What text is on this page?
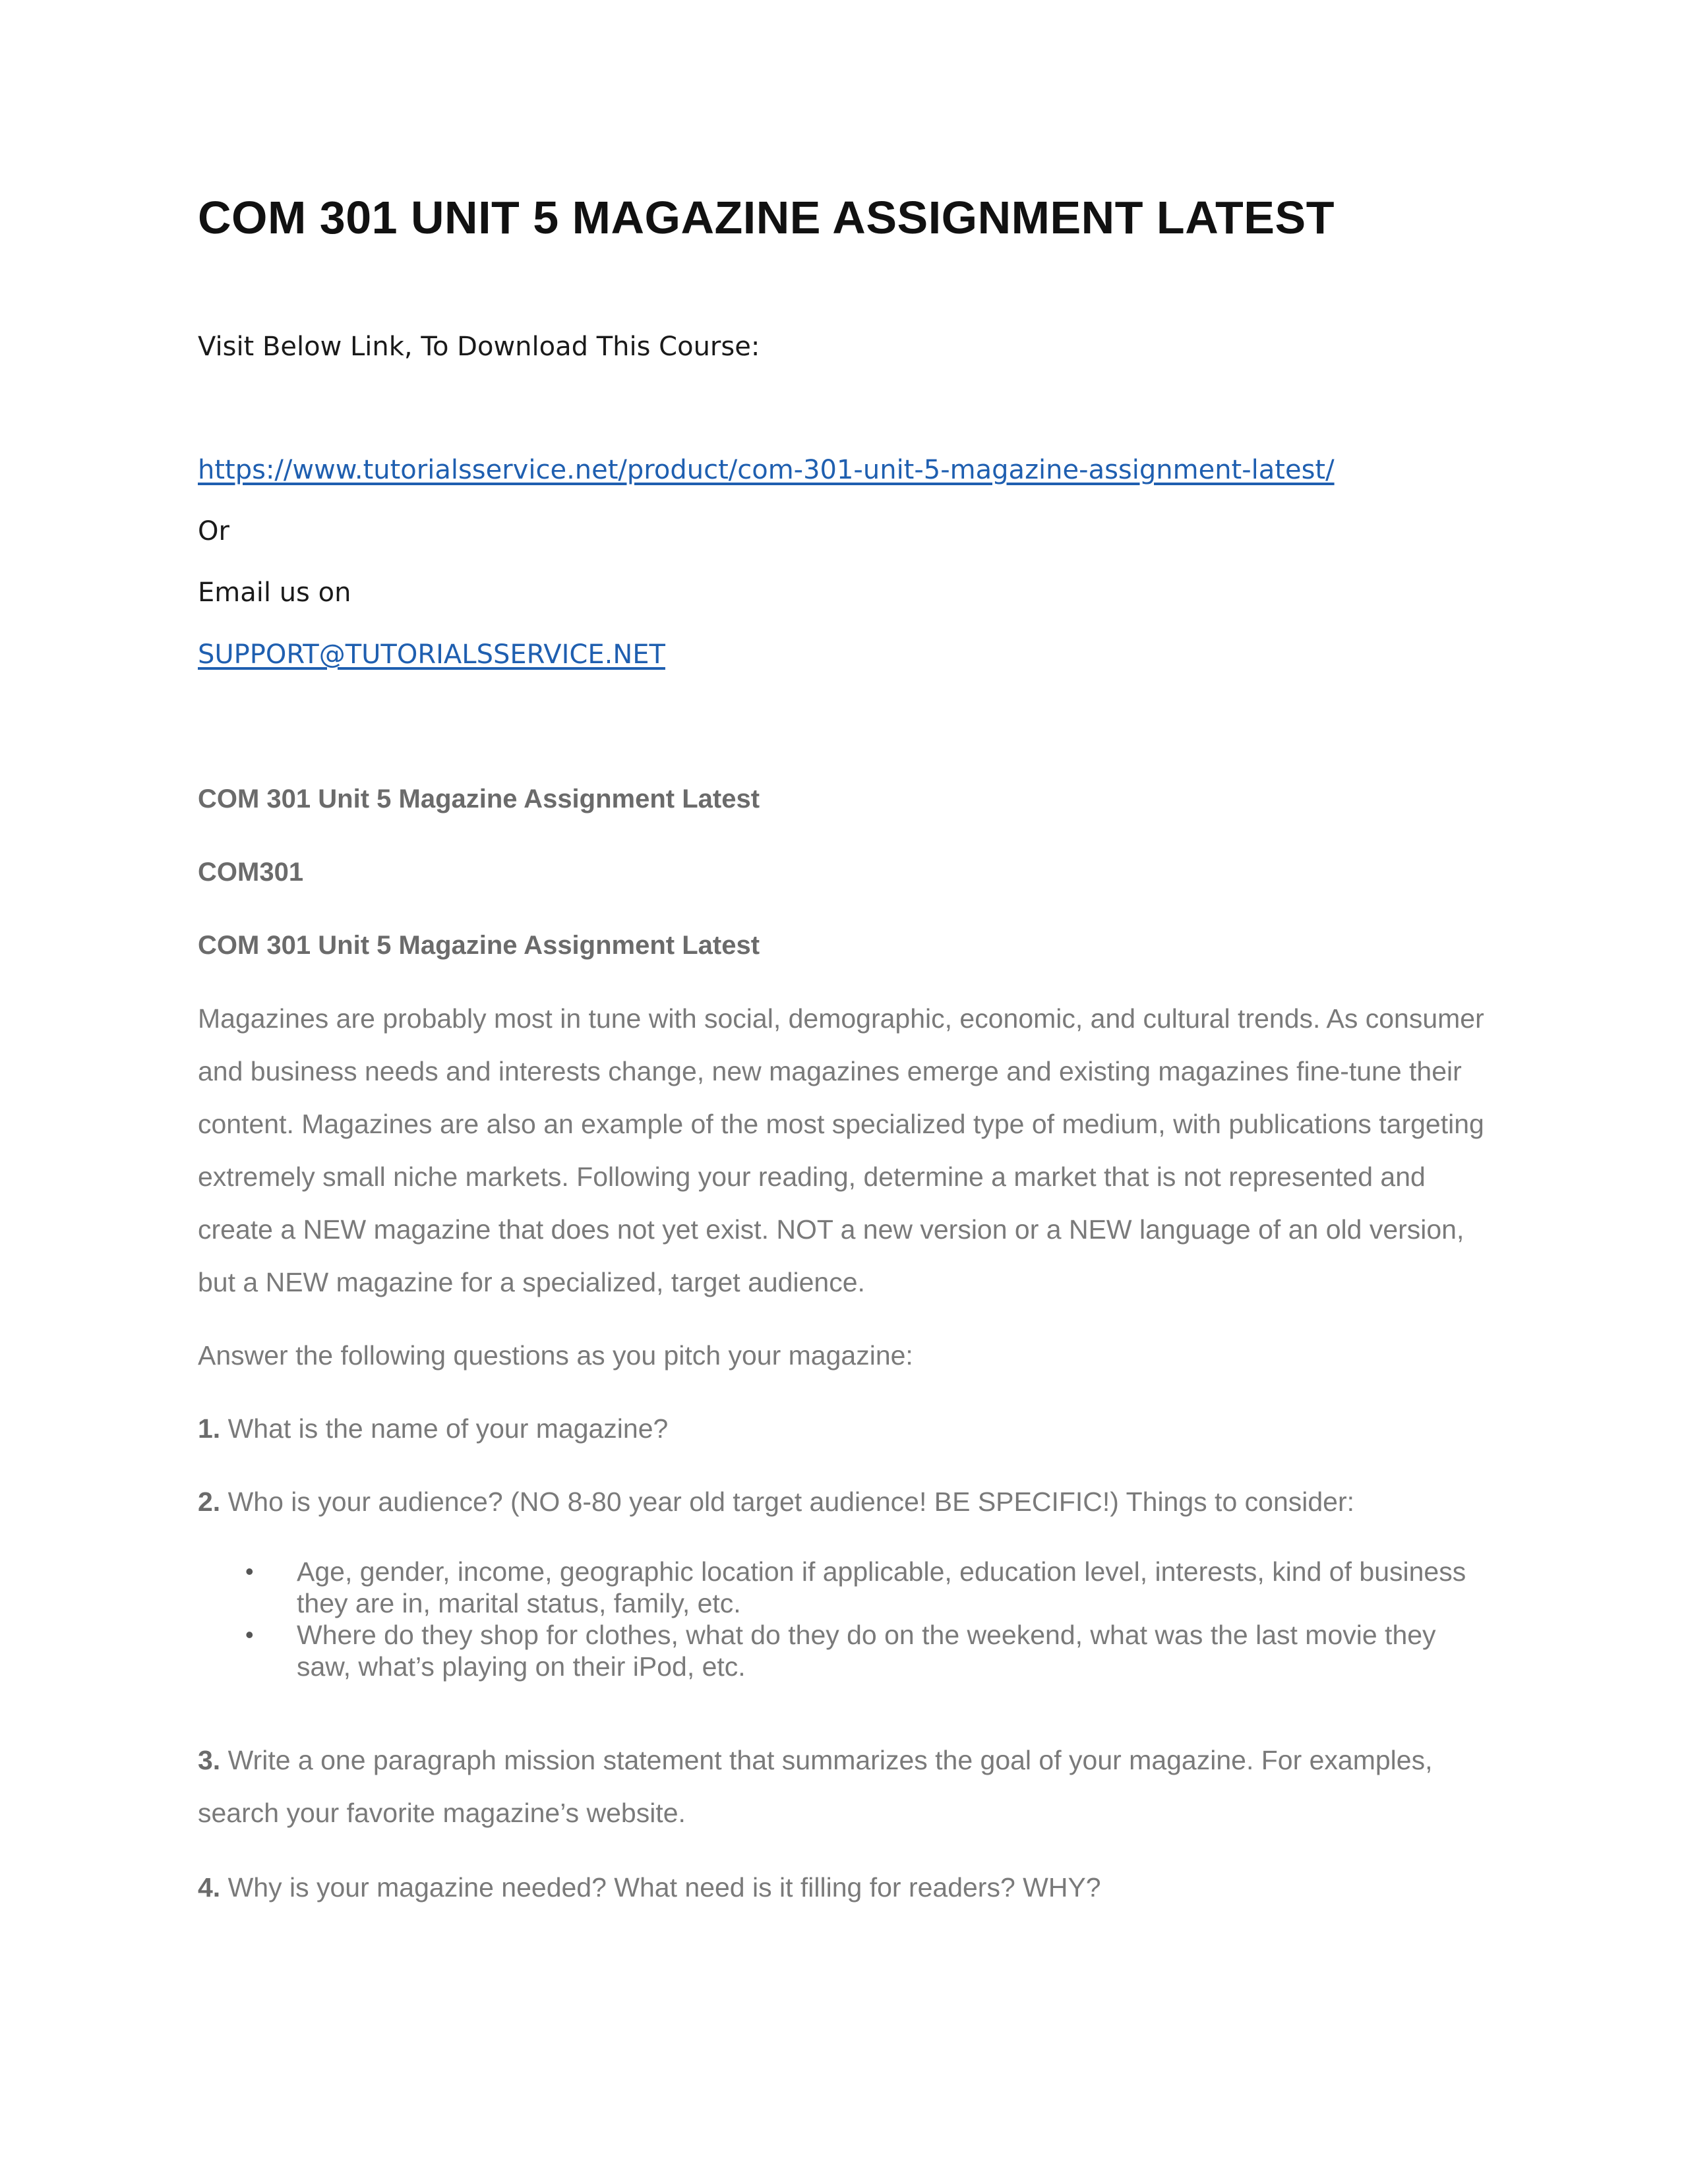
COM 301 UNIT 5 MAGAZINE ASSIGNMENT LATEST
Visit Below Link, To Download This Course:
https://www.tutorialsservice.net/product/com-301-unit-5-magazine-assignment-latest/
Or
Email us on
SUPPORT@TUTORIALSSERVICE.NET
COM 301 Unit 5 Magazine Assignment Latest
COM301
COM 301 Unit 5 Magazine Assignment Latest
Magazines are probably most in tune with social, demographic, economic, and cultural trends. As consumer and business needs and interests change, new magazines emerge and existing magazines fine-tune their content. Magazines are also an example of the most specialized type of medium, with publications targeting extremely small niche markets. Following your reading, determine a market that is not represented and create a NEW magazine that does not yet exist. NOT a new version or a NEW language of an old version, but a NEW magazine for a specialized, target audience.
Answer the following questions as you pitch your magazine:
1. What is the name of your magazine?
2. Who is your audience? (NO 8-80 year old target audience! BE SPECIFIC!) Things to consider:
• Age, gender, income, geographic location if applicable, education level, interests, kind of business they are in, marital status, family, etc.
• Where do they shop for clothes, what do they do on the weekend, what was the last movie they saw, what’s playing on their iPod, etc.
3. Write a one paragraph mission statement that summarizes the goal of your magazine. For examples, search your favorite magazine’s website.
4. Why is your magazine needed? What need is it filling for readers? WHY?
